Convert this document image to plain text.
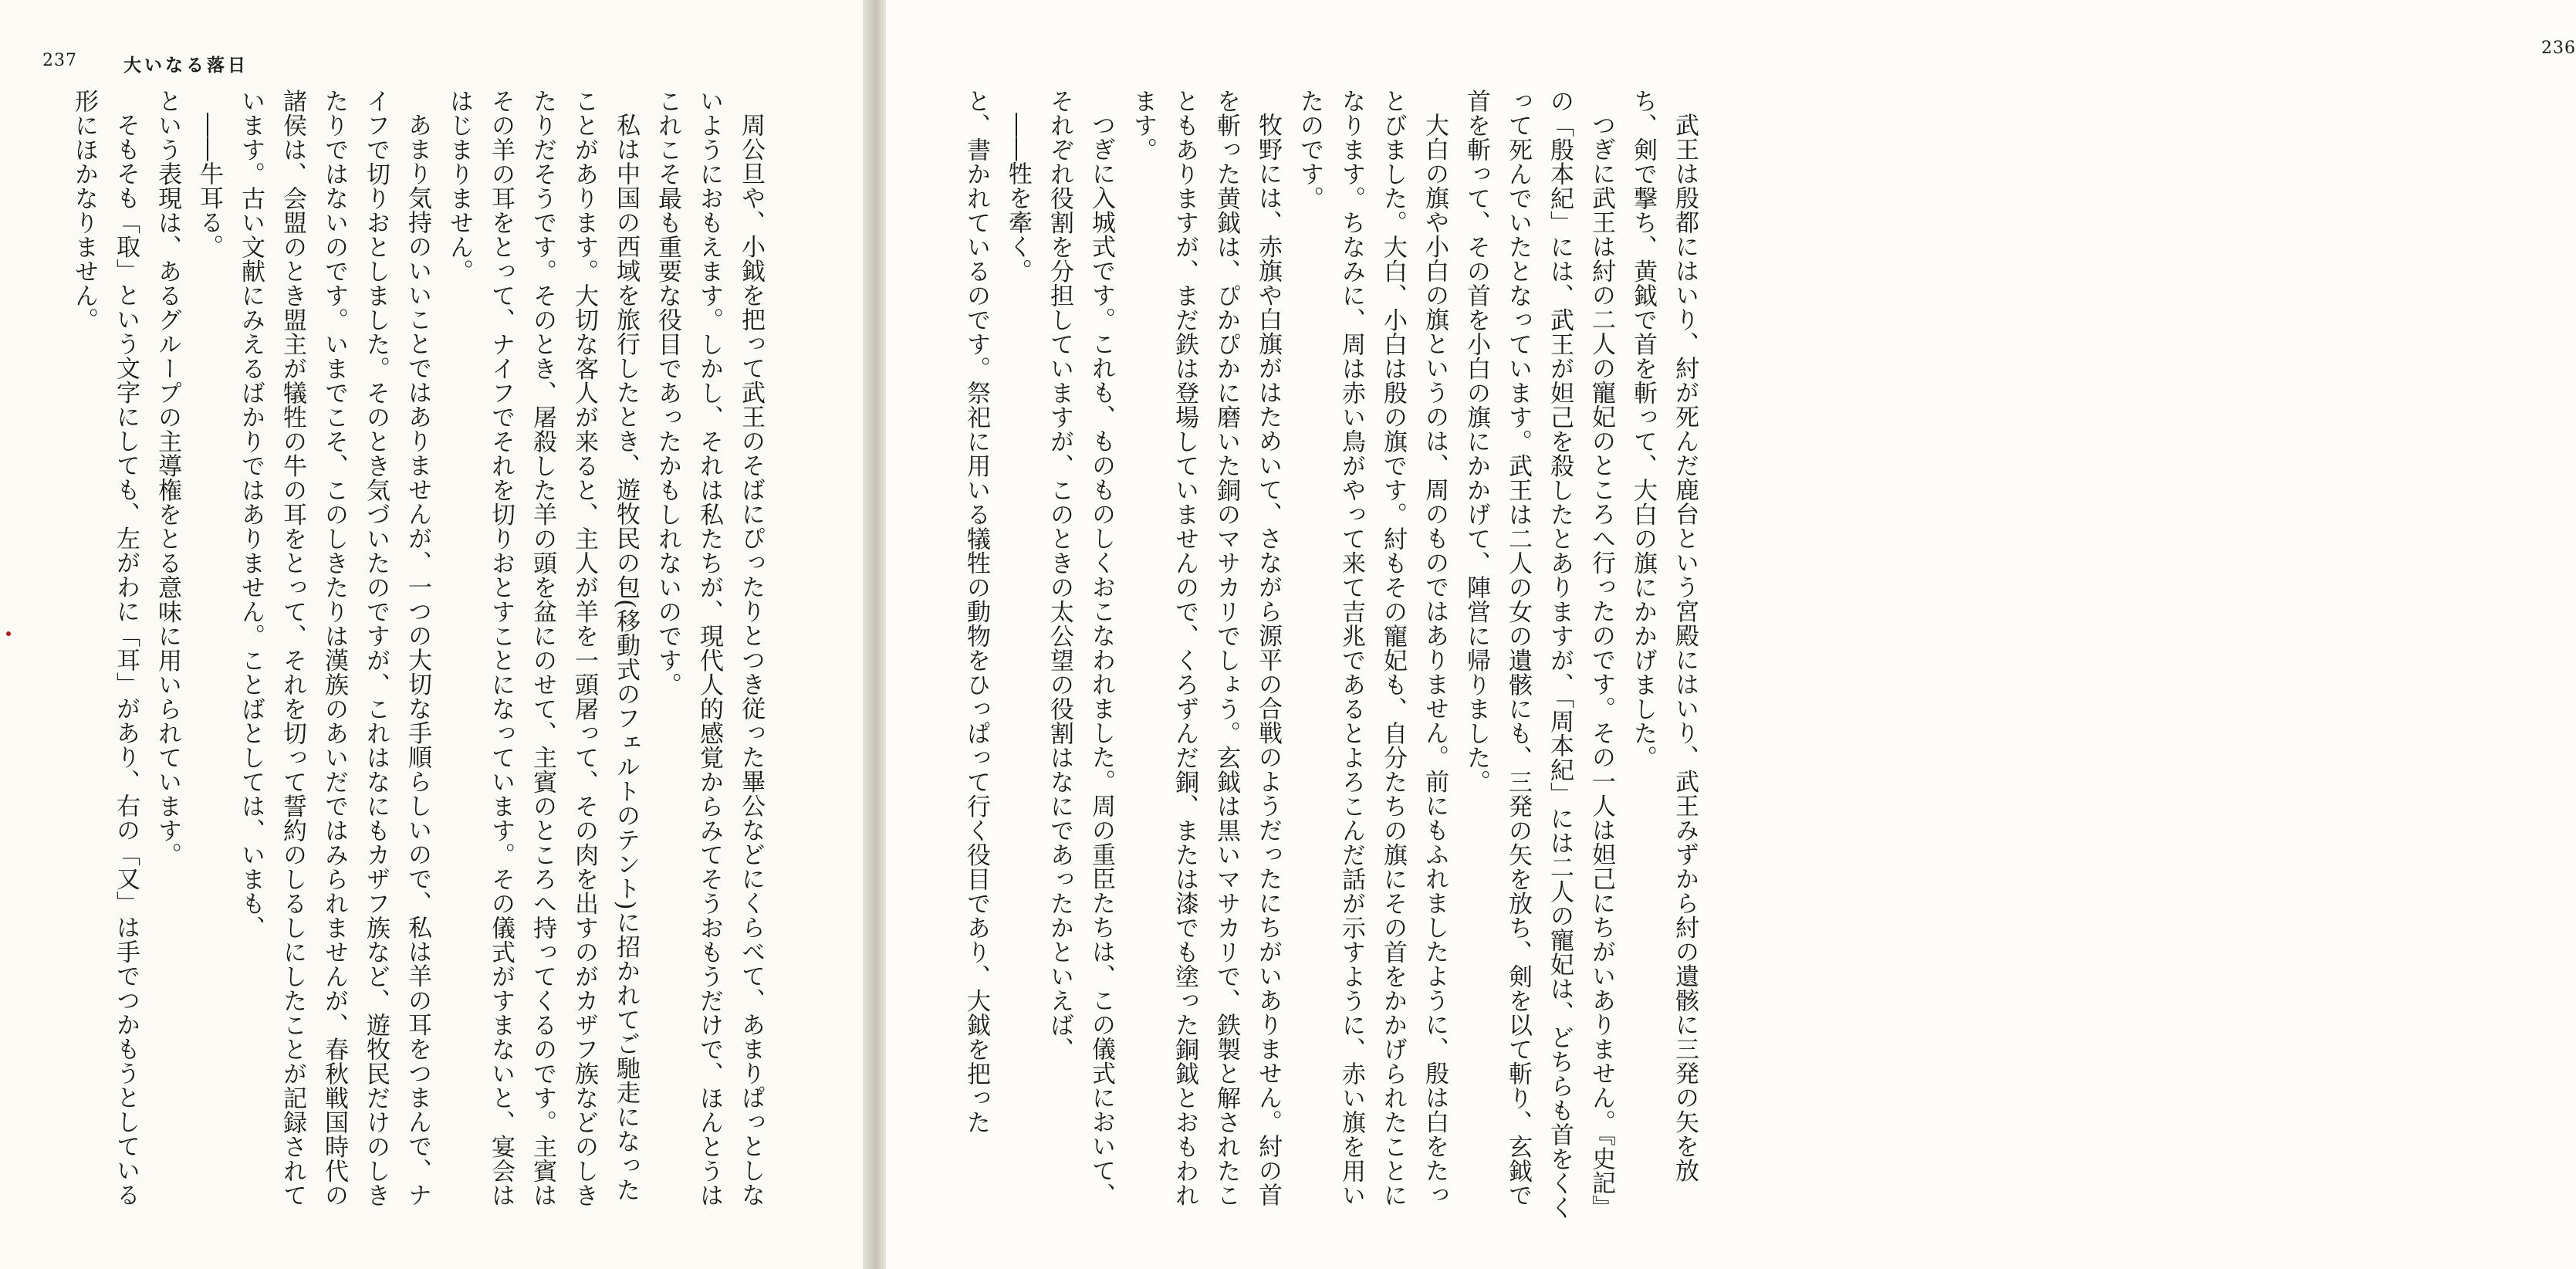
237	大いなる落日

周公旦や、小鉞を把って武王のそばにぴったりとつき従った畢公などにくらべて、あまりぱっとしないようにおもえます。しかし、それは私たちが、現代人的感覚からみてそうおもうだけで、ほんとうはこれこそ最も重要な役目であったかもしれないのです。

私は中国の西域を旅行したとき、遊牧民の包(移動式のフェルトのテント)に招かれてご馳走になったことがあります。大切な客人が来ると、主人が羊を一頭屠って、その肉を出すのがカザフ族などのしきたりだそうです。そのとき、屠殺した羊の頭を盆にのせて、主賓のところへ持ってくるのです。主賓はその羊の耳をとって、ナイフでそれを切りおとすことになっています。その儀式がすまないと、宴会ははじまりません。

あまり気持のいいことではありませんが、一つの大切な手順らしいので、私は羊の耳をつまんで、ナイフで切りおとしました。そのとき気づいたのですが、これはなにもカザフ族など、遊牧民だけのしきたりではないのです。いまでこそ、このしきたりは漢族のあいだではみられませんが、春秋戦国時代の諸侯は、会盟のとき盟主が犠牲の牛の耳をとって、それを切って誓約のしるしにしたことが記録されています。古い文献にみえるばかりではありません。ことばとしては、いまも、

――牛耳る。

という表現は、あるグループの主導権をとる意味に用いられています。

そもそも「取」という文字にしても、左がわに「耳」があり、右の「又」は手でつかもうとしている形にほかなりません。

236

武王は殷都にはいり、紂が死んだ鹿台という宮殿にはいり、武王みずから紂の遺骸に三発の矢を放ち、剣で撃ち、黄鉞で首を斬って、大白の旗にかかげました。

つぎに武王は紂の二人の寵妃のところへ行ったのです。その一人は妲己にちがいありません。『史記』の「殷本紀」には、武王が妲己を殺したとありますが、「周本紀」には二人の寵妃は、どちらも首をくくって死んでいたとなっています。武王は二人の女の遺骸にも、三発の矢を放ち、剣を以て斬り、玄鉞で首を斬って、その首を小白の旗にかかげて、陣営に帰りました。

大白の旗や小白の旗というのは、周のものではありません。前にもふれましたように、殷は白をたっとびました。大白、小白は殷の旗です。紂もその寵妃も、自分たちの旗にその首をかかげられたことになります。ちなみに、周は赤い鳥がやって来て吉兆であるとよろこんだ話が示すように、赤い旗を用いたのです。

牧野には、赤旗や白旗がはためいて、さながら源平の合戦のようだったにちがいありません。紂の首を斬った黄鉞は、ぴかぴかに磨いた銅のマサカリでしょう。玄鉞は黒いマサカリで、鉄製と解されたこともありますが、まだ鉄は登場していませんので、くろずんだ銅、または漆でも塗った銅鉞とおもわれます。

つぎに入城式です。これも、ものものしくおこなわれました。周の重臣たちは、この儀式において、それぞれ役割を分担していますが、このときの太公望の役割はなにであったかといえば、

――牲を牽く。

と、書かれているのです。祭祀に用いる犠牲の動物をひっぱって行く役目であり、大鉞を把った
